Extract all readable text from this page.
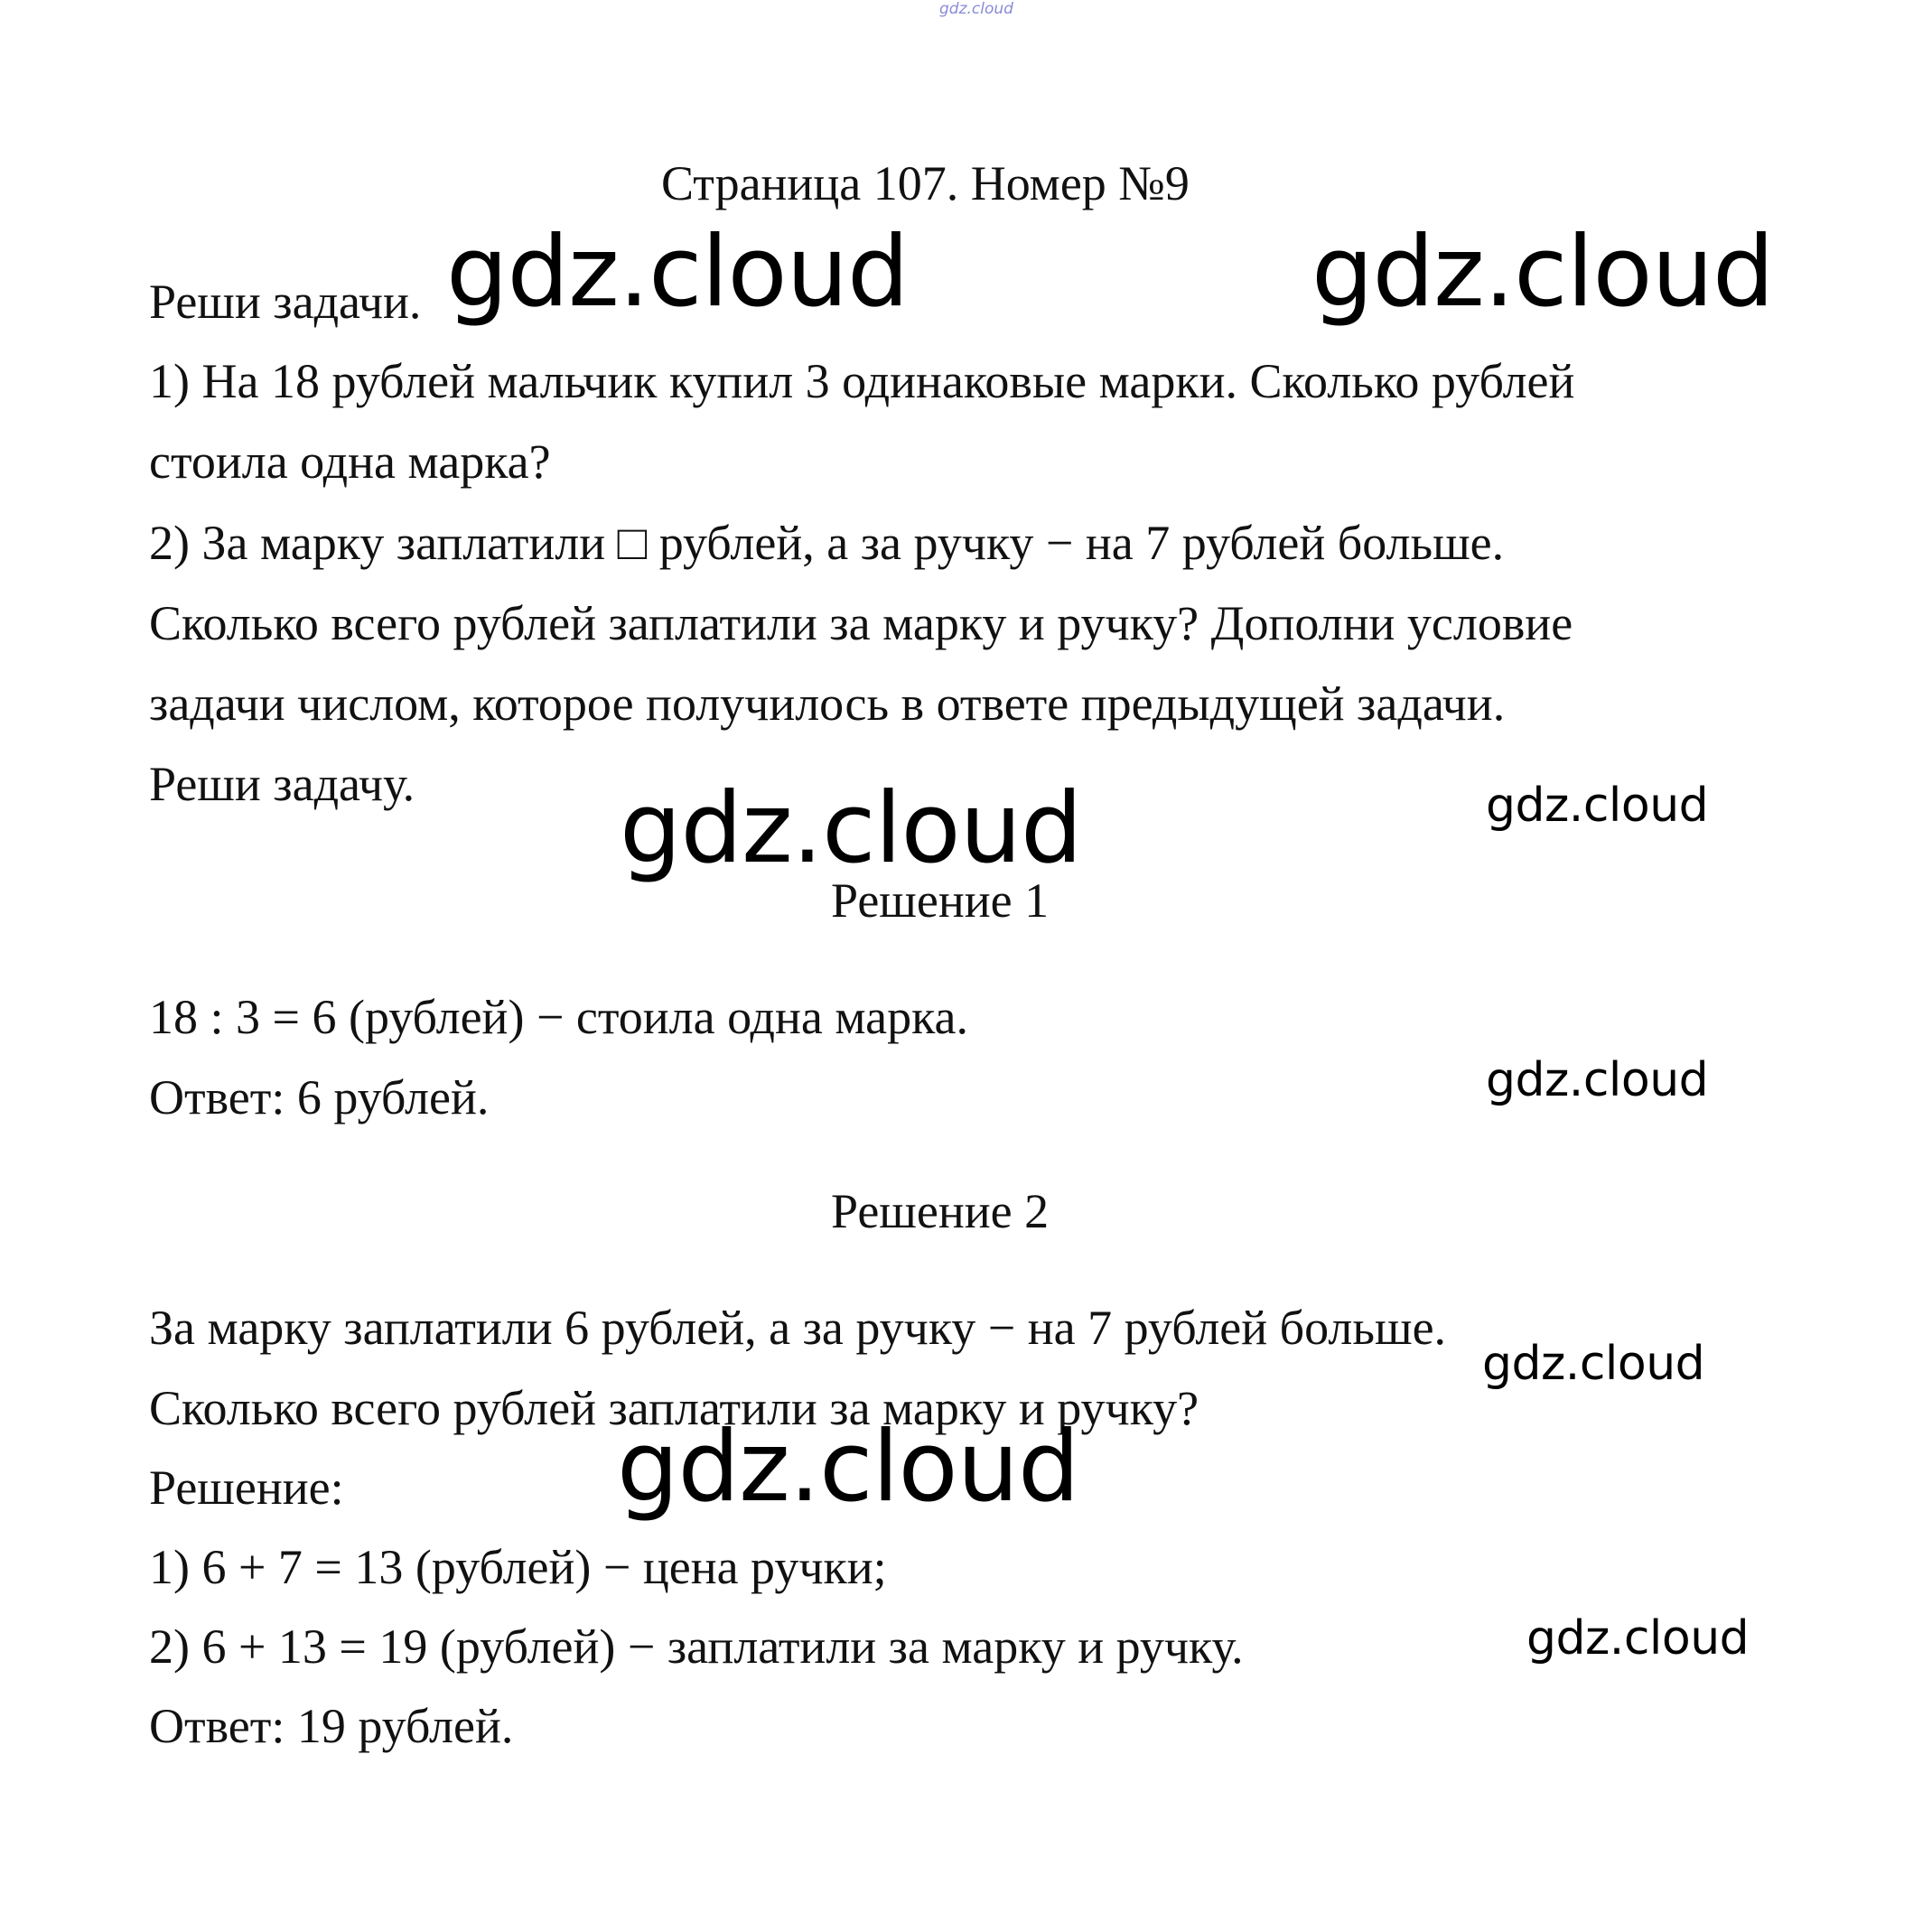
gdz.cloud
Страница 107. Номер №9
Реши задачи.
1) На 18 рублей мальчик купил 3 одинаковые марки. Сколько рублей
стоила одна марка?
2) За марку заплатили □ рублей, а за ручку − на 7 рублей больше.
Сколько всего рублей заплатили за марку и ручку? Дополни условие
задачи числом, которое получилось в ответе предыдущей задачи.
Реши задачу.
Решение 1
18 : 3 = 6 (рублей) − стоила одна марка.
Ответ: 6 рублей.
Решение 2
За марку заплатили 6 рублей, а за ручку − на 7 рублей больше.
Сколько всего рублей заплатили за марку и ручку?
Решение:
1) 6 + 7 = 13 (рублей) − цена ручки;
2) 6 + 13 = 19 (рублей) − заплатили за марку и ручку.
Ответ: 19 рублей.
gdz.cloud	gdz.cloud
gdz.cloud	gdz.cloud
gdz.cloud
gdz.cloud
gdz.cloud
gdz.cloud
